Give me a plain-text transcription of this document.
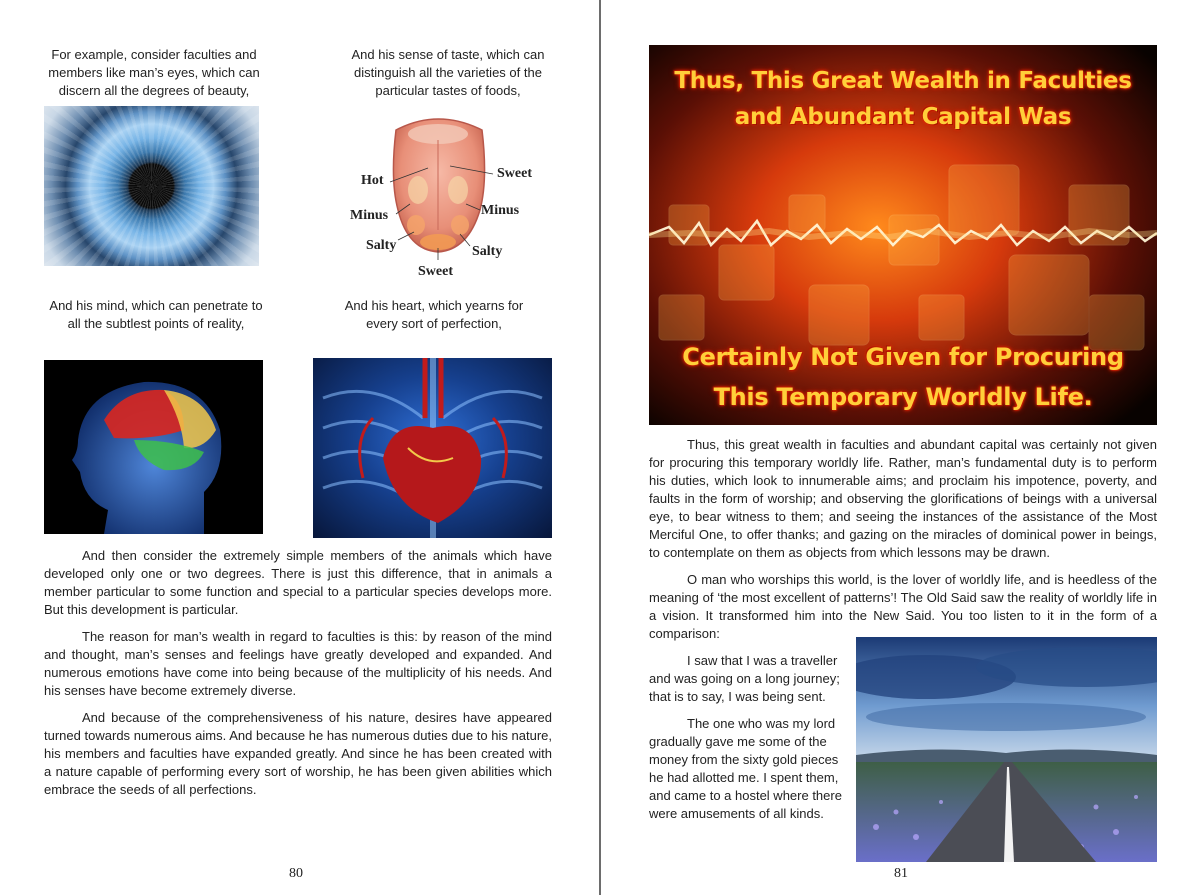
For example, consider faculties and
members like man’s eyes, which can
discern all the degrees of beauty,
And his sense of taste, which can
distinguish all the varieties of the
particular tastes of foods,
Hot	Sweet
Minus	Minus
Salty	Salty
Sweet
And his mind, which can penetrate to
all the subtlest points of reality,
And his heart, which yearns for
every sort of perfection,

And then consider the extremely simple members of the animals which have developed only one or two degrees. There is just this difference, that in animals a member particular to some function and special to a particular species develops more. But this development is particular.

The reason for man’s wealth in regard to faculties is this: by reason of the mind and thought, man’s senses and feelings have greatly developed and expanded. And numerous emotions have come into being because of the multiplicity of his needs. And his senses have become extremely diverse.

And because of the comprehensiveness of his nature, desires have appeared turned towards numerous aims. And because he has numerous duties due to his nature, his members and faculties have expanded greatly. And since he has been created with a nature capable of performing every sort of worship, he has been given abilities which embrace the seeds of all perfections.

80
Thus, This Great Wealth in Faculties
and Abundant Capital Was
Certainly Not Given for Procuring
This Temporary Worldly Life.

Thus, this great wealth in faculties and abundant capital was certainly not given for procuring this temporary worldly life. Rather, man’s fundamental duty is to perform his duties, which look to innumerable aims; and proclaim his impotence, poverty, and faults in the form of worship; and observing the glorifications of beings with a universal eye, to bear witness to them; and seeing the instances of the assistance of the Most Merciful One, to offer thanks; and gazing on the miracles of dominical power in beings, to contemplate on them as objects from which lessons may be drawn.

O man who worships this world, is the lover of worldly life, and is heedless of the meaning of ‘the most excellent of patterns’! The Old Said saw the reality of worldly life in a vision. It transformed him into the New Said. You too listen to it in the form of a comparison:

I saw that I was a traveller and was going on a long journey; that is to say, I was being sent.

The one who was my lord gradually gave me some of the money from the sixty gold pieces he had allotted me. I spent them, and came to a hostel where there were amusements of all kinds.

81
